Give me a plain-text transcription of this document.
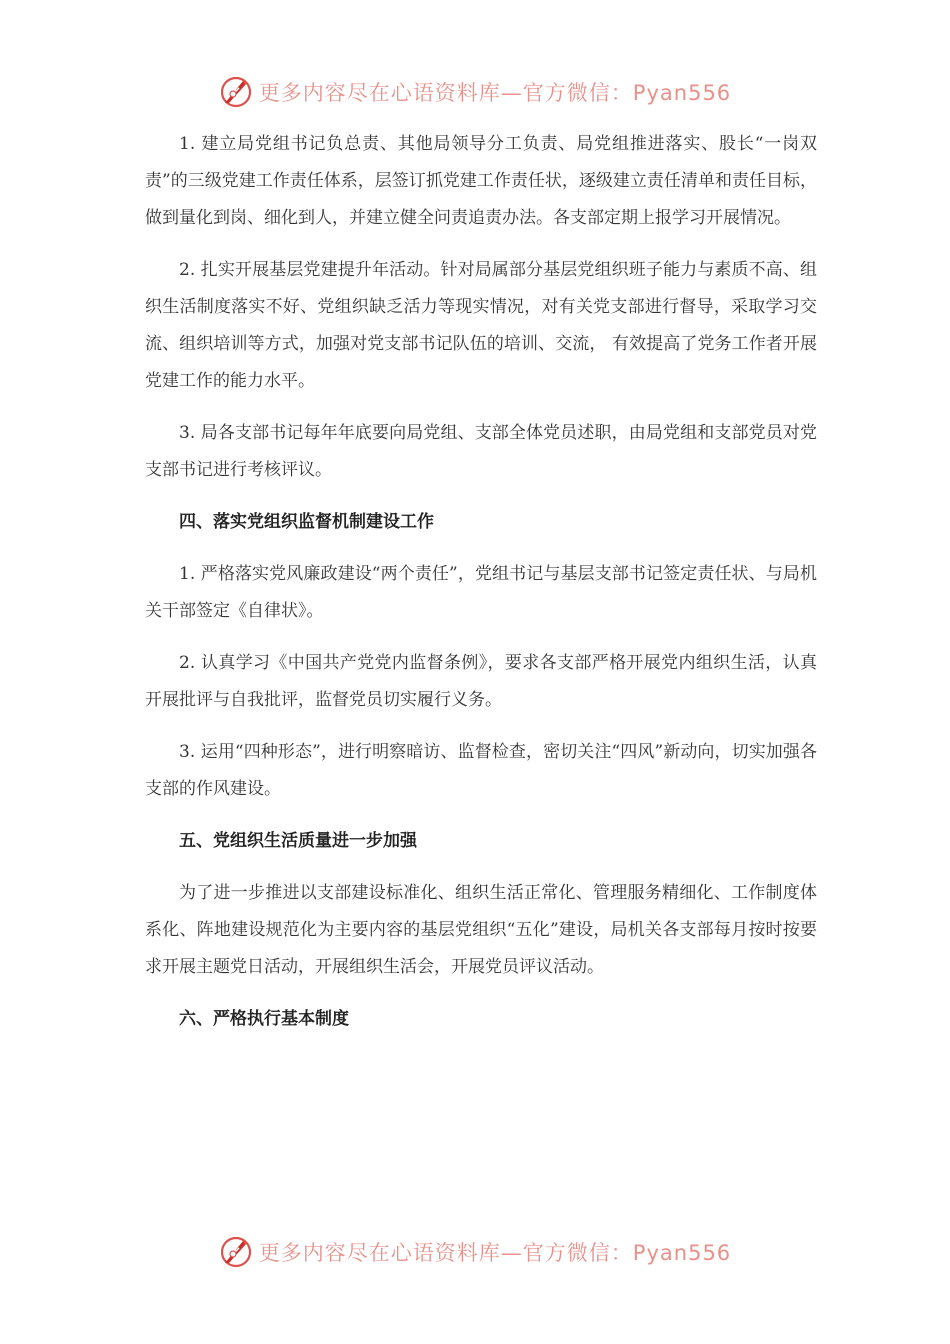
更多内容尽在心语资料库—官方微信：Pyan556

1. 建立局党组书记负总责、其他局领导分工负责、局党组推进落实、股长“一岗双责”的三级党建工作责任体系，层签订抓党建工作责任状，逐级建立责任清单和责任目标，做到量化到岗、细化到人，并建立健全问责追责办法。各支部定期上报学习开展情况。

2. 扎实开展基层党建提升年活动。针对局属部分基层党组织班子能力与素质不高、组织生活制度落实不好、党组织缺乏活力等现实情况，对有关党支部进行督导，采取学习交流、组织培训等方式，加强对党支部书记队伍的培训、交流， 有效提高了党务工作者开展党建工作的能力水平。

3. 局各支部书记每年年底要向局党组、支部全体党员述职，由局党组和支部党员对党支部书记进行考核评议。

四、落实党组织监督机制建设工作

1. 严格落实党风廉政建设“两个责任”，党组书记与基层支部书记签定责任状、与局机关干部签定《自律状》。

2. 认真学习《中国共产党党内监督条例》，要求各支部严格开展党内组织生活，认真开展批评与自我批评，监督党员切实履行义务。

3. 运用“四种形态”，进行明察暗访、监督检查，密切关注“四风”新动向，切实加强各支部的作风建设。

五、党组织生活质量进一步加强

为了进一步推进以支部建设标准化、组织生活正常化、管理服务精细化、工作制度体系化、阵地建设规范化为主要内容的基层党组织“五化”建设，局机关各支部每月按时按要求开展主题党日活动，开展组织生活会，开展党员评议活动。

六、严格执行基本制度

更多内容尽在心语资料库—官方微信：Pyan556
